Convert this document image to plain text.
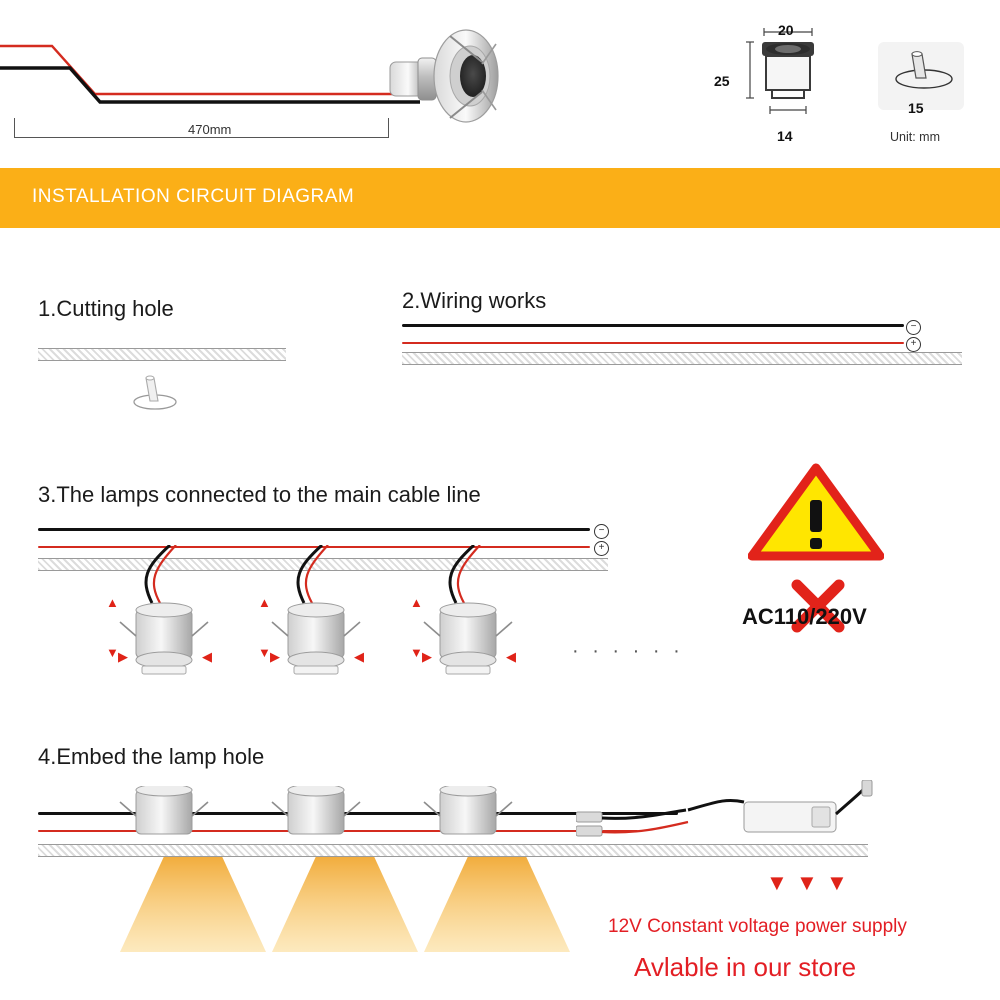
470mm
20
25
14
15
Unit: mm
INSTALLATION CIRCUIT DIAGRAM
1.Cutting hole	2.Wiring works
−
+
3.The lamps connected to the main cable line
−
+
▲
▼ ▶	◀
▲
▼ ▶	◀
▲
▼ ▶	◀	· · · · · ·
AC110/220V
4.Embed the lamp hole
▼ ▼ ▼
12V Constant voltage power supply
Avlable in our store
